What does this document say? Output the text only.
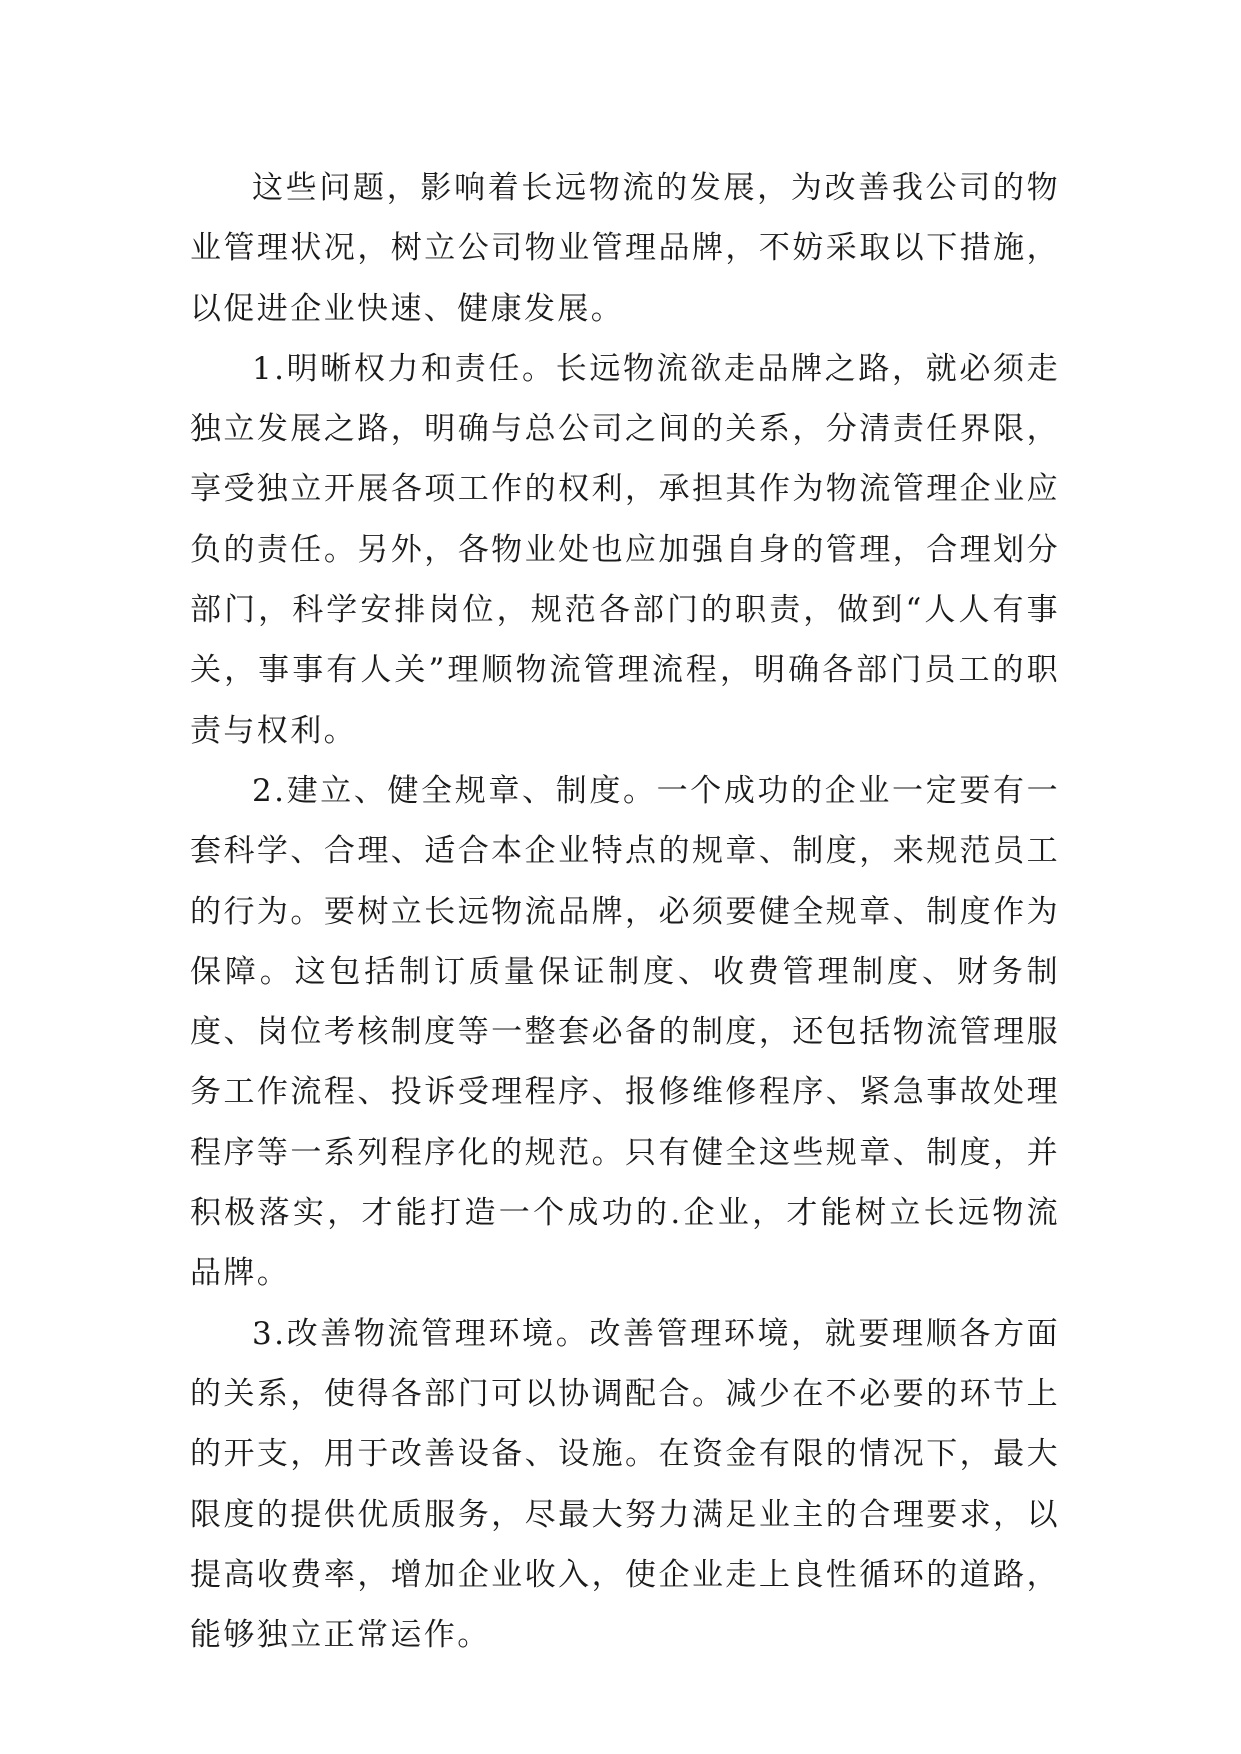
这些问题，影响着长远物流的发展，为改善我公司的物业管理状况，树立公司物业管理品牌，不妨采取以下措施，以促进企业快速、健康发展。

1.明晰权力和责任。长远物流欲走品牌之路，就必须走独立发展之路，明确与总公司之间的关系，分清责任界限，享受独立开展各项工作的权利，承担其作为物流管理企业应负的责任。另外，各物业处也应加强自身的管理，合理划分部门，科学安排岗位，规范各部门的职责，做到“人人有事关，事事有人关”理顺物流管理流程，明确各部门员工的职责与权利。

2.建立、健全规章、制度。一个成功的企业一定要有一套科学、合理、适合本企业特点的规章、制度，来规范员工的行为。要树立长远物流品牌，必须要健全规章、制度作为保障。这包括制订质量保证制度、收费管理制度、财务制度、岗位考核制度等一整套必备的制度，还包括物流管理服务工作流程、投诉受理程序、报修维修程序、紧急事故处理程序等一系列程序化的规范。只有健全这些规章、制度，并积极落实，才能打造一个成功的.企业，才能树立长远物流品牌。

3.改善物流管理环境。改善管理环境，就要理顺各方面的关系，使得各部门可以协调配合。减少在不必要的环节上的开支，用于改善设备、设施。在资金有限的情况下，最大限度的提供优质服务，尽最大努力满足业主的合理要求，以提高收费率，增加企业收入，使企业走上良性循环的道路，能够独立正常运作。
